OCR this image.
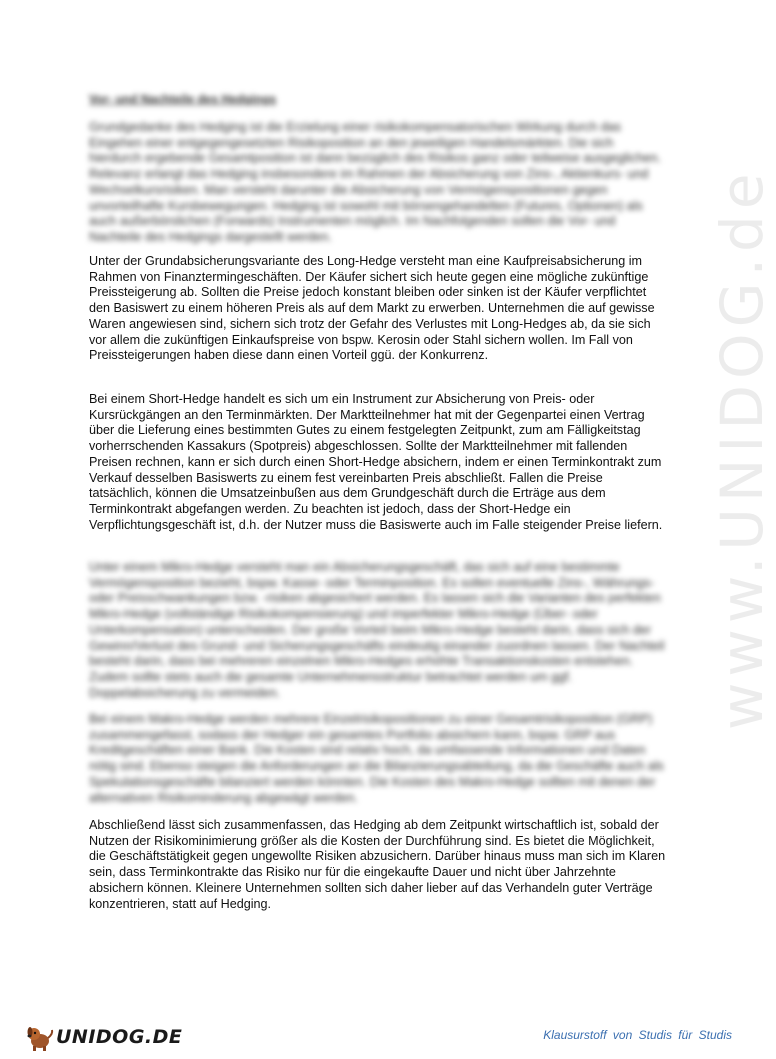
www.UNIDOG.de
Vor- und Nachteile des Hedgings

Grundgedanke des Hedging ist die Erzielung einer risikokompensatorischen Wirkung durch das Eingehen einer entgegengesetzten Risikoposition an den jeweiligen Handelsmärkten. Die sich hierdurch ergebende Gesamtposition ist dann bezüglich des Risikos ganz oder teilweise ausgeglichen. Relevanz erlangt das Hedging insbesondere im Rahmen der Absicherung von Zins-, Aktienkurs- und Wechselkursrisiken. Man versteht darunter die Absicherung von Vermögenspositionen gegen unvorteilhafte Kursbewegungen. Hedging ist sowohl mit börsengehandelten (Futures, Optionen) als auch außerbörslichen (Forwards) Instrumenten möglich. Im Nachfolgenden sollen die Vor- und Nachteile des Hedgings dargestellt werden.

Unter der Grundabsicherungsvariante des Long-Hedge versteht man eine Kaufpreisabsicherung im Rahmen von Finanztermingeschäften. Der Käufer sichert sich heute gegen eine mögliche zukünftige Preissteigerung ab. Sollten die Preise jedoch konstant bleiben oder sinken ist der Käufer verpflichtet den Basiswert zu einem höheren Preis als auf dem Markt zu erwerben. Unternehmen die auf gewisse Waren angewiesen sind, sichern sich trotz der Gefahr des Verlustes mit Long-Hedges ab, da sie sich vor allem die zukünftigen Einkaufspreise von bspw. Kerosin oder Stahl sichern wollen. Im Fall von Preissteigerungen haben diese dann einen Vorteil ggü. der Konkurrenz.

Bei einem Short-Hedge handelt es sich um ein Instrument zur Absicherung von Preis- oder Kursrückgängen an den Terminmärkten. Der Marktteilnehmer hat mit der Gegenpartei einen Vertrag über die Lieferung eines bestimmten Gutes zu einem festgelegten Zeitpunkt, zum am Fälligkeitstag vorherrschenden Kassakurs (Spotpreis) abgeschlossen. Sollte der Marktteilnehmer mit fallenden Preisen rechnen, kann er sich durch einen Short-Hedge absichern, indem er einen Terminkontrakt zum Verkauf desselben Basiswerts zu einem fest vereinbarten Preis abschließt. Fallen die Preise tatsächlich, können die Umsatzeinbußen aus dem Grundgeschäft durch die Erträge aus dem Terminkontrakt abgefangen werden. Zu beachten ist jedoch, dass der Short-Hedge ein Verpflichtungsgeschäft ist, d.h. der Nutzer muss die Basiswerte auch im Falle steigender Preise liefern.

Unter einem Mikro-Hedge versteht man ein Absicherungsgeschäft, das sich auf eine bestimmte Vermögensposition bezieht, bspw. Kasse- oder Terminposition. Es sollen eventuelle Zins-, Währungs- oder Preisschwankungen bzw. -risiken abgesichert werden. Es lassen sich die Varianten des perfekten Mikro-Hedge (vollständige Risikokompensierung) und imperfekter Mikro-Hedge (Über- oder Unterkompensation) unterscheiden. Der große Vorteil beim Mikro-Hedge besteht darin, dass sich der Gewinn/Verlust des Grund- und Sicherungsgeschäfts eindeutig einander zuordnen lassen. Der Nachteil besteht darin, dass bei mehreren einzelnen Mikro-Hedges erhöhte Transaktionskosten entstehen. Zudem sollte stets auch die gesamte Unternehmensstruktur betrachtet werden um ggf. Doppelabsicherung zu vermeiden.

Bei einem Makro-Hedge werden mehrere Einzelrisikopositionen zu einer Gesamtrisikoposition (GRP) zusammengefasst, sodass der Hedger ein gesamtes Portfolio absichern kann, bspw. GRP aus Kreditgeschäften einer Bank. Die Kosten sind relativ hoch, da umfassende Informationen und Daten nötig sind. Ebenso steigen die Anforderungen an die Bilanzierungsabteilung, da die Geschäfte auch als Spekulationsgeschäfte bilanziert werden könnten. Die Kosten des Makro-Hedge sollten mit denen der alternativen Risikominderung abgewägt werden.

Abschließend lässt sich zusammenfassen, das Hedging ab dem Zeitpunkt wirtschaftlich ist, sobald der Nutzen der Risikominimierung größer als die Kosten der Durchführung sind. Es bietet die Möglichkeit, die Geschäftstätigkeit gegen ungewollte Risiken abzusichern. Darüber hinaus muss man sich im Klaren sein, dass Terminkontrakte das Risiko nur für die eingekaufte Dauer und nicht über Jahrzehnte absichern können. Kleinere Unternehmen sollten sich daher lieber auf das Verhandeln guter Verträge konzentrieren, statt auf Hedging.

UNIDOG.DE	Klausurstoff von Studis für Studis
